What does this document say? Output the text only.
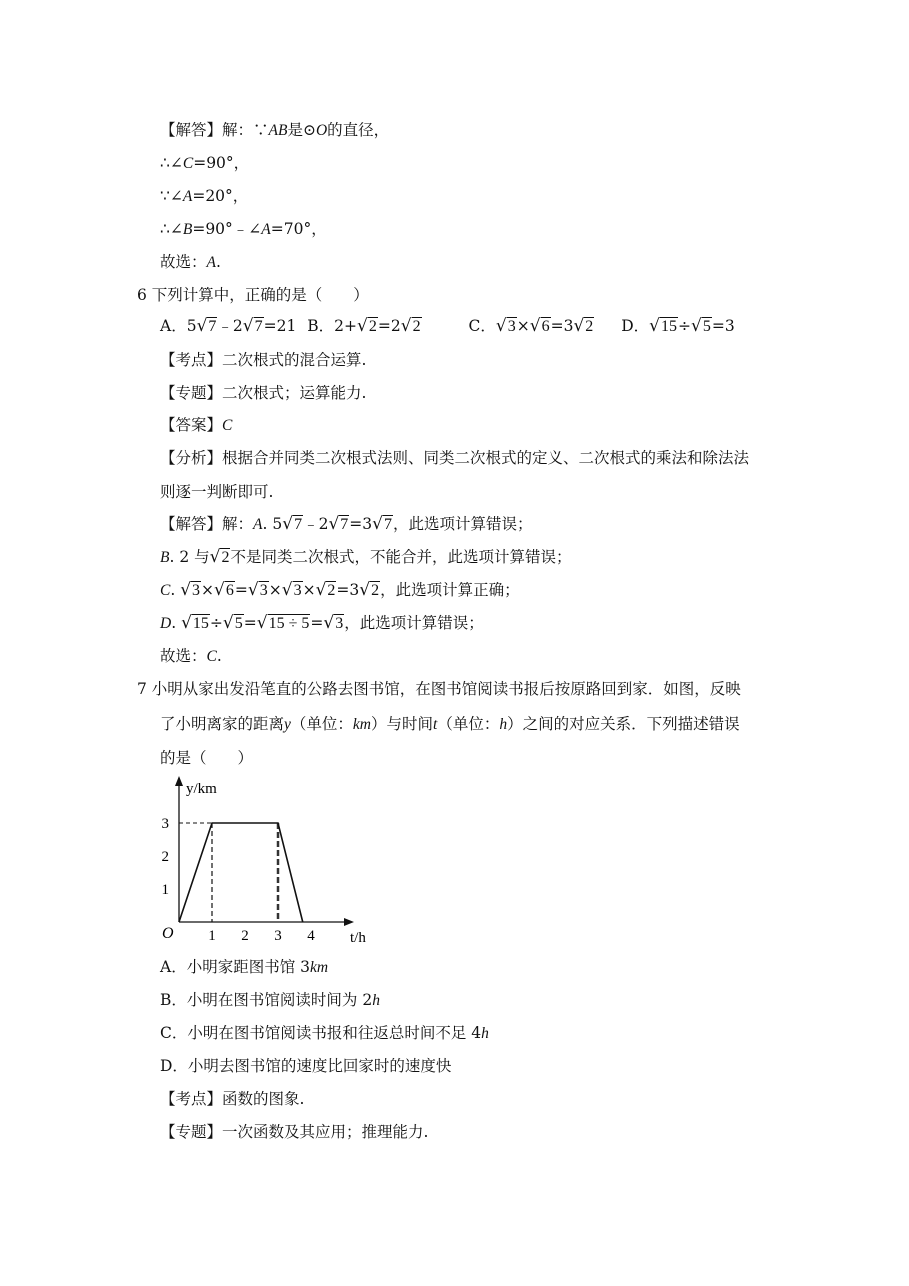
【解答】解：∵AB是⊙O的直径，
∴∠C=90°，
∵∠A=20°，
∴∠B=90°﹣∠A=70°，
故选：A.
6 下列计算中，正确的是（　　）
A．5√7﹣2√7=21 B．2+√2=2√2	C．√3×√6=3√2 D．√15÷√5=3
【考点】二次根式的混合运算.
【专题】二次根式；运算能力.
【答案】C
【分析】根据合并同类二次根式法则、同类二次根式的定义、二次根式的乘法和除法法
则逐一判断即可.
【解答】解：A. 5√7﹣2√7=3√7，此选项计算错误；
B. 2 与√2不是同类二次根式，不能合并，此选项计算错误；
C. √3×√6=√3×√3×√2=3√2，此选项计算正确；
D. √15÷√5=√15 ÷ 5=√3，此选项计算错误；
故选：C.
7 小明从家出发沿笔直的公路去图书馆，在图书馆阅读书报后按原路回到家．如图，反映
了小明离家的距离y（单位：km）与时间t（单位：h）之间的对应关系．下列描述错误
的是（　　）
1 2 3 4
1
2
3
y/km
t/h
O
A．小明家距图书馆 3km
B．小明在图书馆阅读时间为 2h
C．小明在图书馆阅读书报和往返总时间不足 4h
D．小明去图书馆的速度比回家时的速度快
【考点】函数的图象.
【专题】一次函数及其应用；推理能力.
